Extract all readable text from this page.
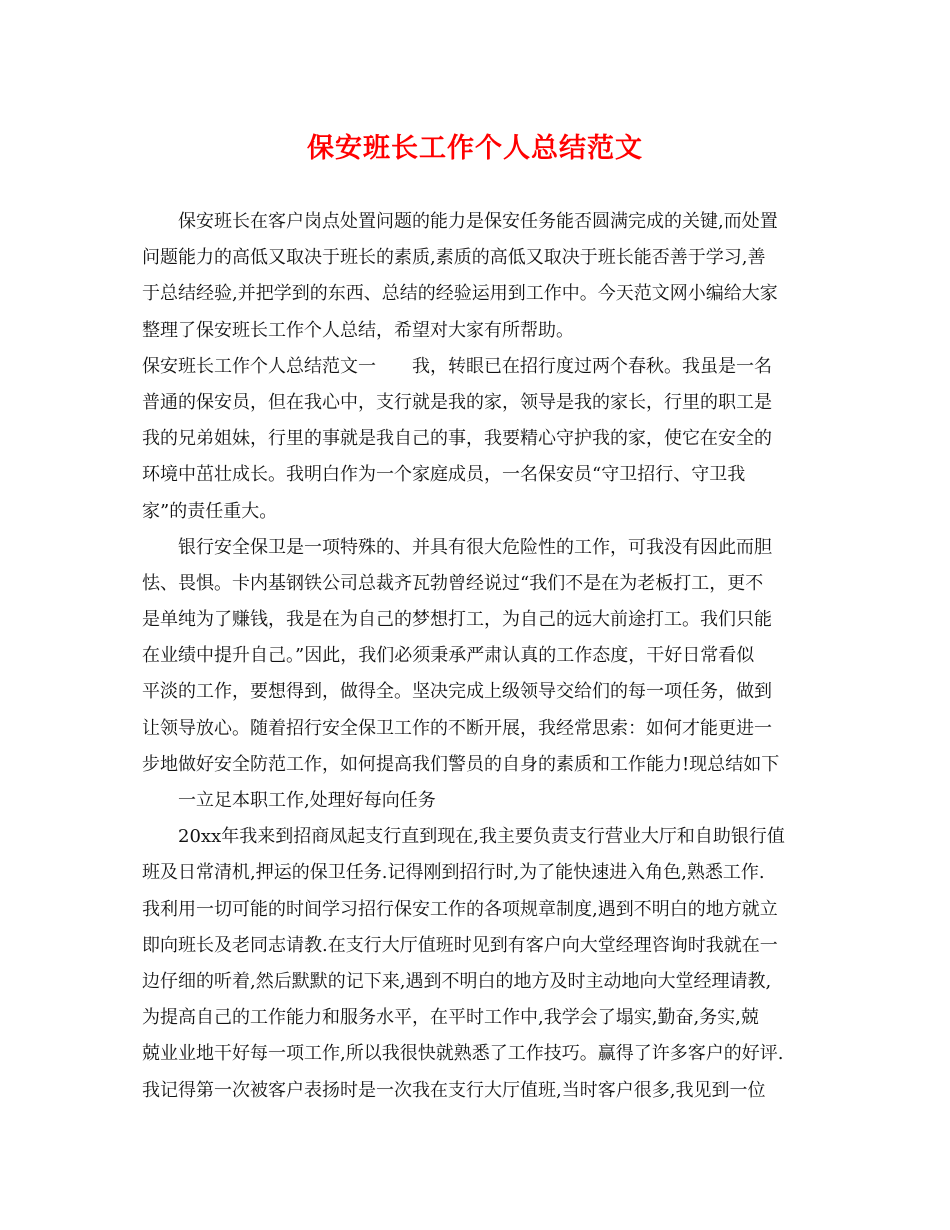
保安班长工作个人总结范文
保安班长在客户岗点处置问题的能力是保安任务能否圆满完成的关键,而处置
问题能力的高低又取决于班长的素质,素质的高低又取决于班长能否善于学习,善
于总结经验,并把学到的东西、总结的经验运用到工作中。今天范文网小编给大家
整理了保安班长工作个人总结，希望对大家有所帮助。
保安班长工作个人总结范文一　　我，转眼已在招行度过两个春秋。我虽是一名
普通的保安员，但在我心中，支行就是我的家，领导是我的家长，行里的职工是
我的兄弟姐妹，行里的事就是我自己的事，我要精心守护我的家，使它在安全的
环境中茁壮成长。我明白作为一个家庭成员，一名保安员“守卫招行、守卫我
家”的责任重大。
银行安全保卫是一项特殊的、并具有很大危险性的工作，可我没有因此而胆
怯、畏惧。卡内基钢铁公司总裁齐瓦勃曾经说过“我们不是在为老板打工，更不
是单纯为了赚钱，我是在为自己的梦想打工，为自己的远大前途打工。我们只能
在业绩中提升自己。”因此，我们必须秉承严肃认真的工作态度，干好日常看似
平淡的工作，要想得到，做得全。坚决完成上级领导交给们的每一项任务，做到
让领导放心。随着招行安全保卫工作的不断开展，我经常思索：如何才能更进一
步地做好安全防范工作，如何提高我们警员的自身的素质和工作能力!现总结如下
一立足本职工作,处理好每向任务
20xx年我来到招商凤起支行直到现在,我主要负责支行营业大厅和自助银行值
班及日常清机,押运的保卫任务.记得刚到招行时,为了能快速进入角色,熟悉工作.
我利用一切可能的时间学习招行保安工作的各项规章制度,遇到不明白的地方就立
即向班长及老同志请教.在支行大厅值班时见到有客户向大堂经理咨询时我就在一
边仔细的听着,然后默默的记下来,遇到不明白的地方及时主动地向大堂经理请教,
为提高自己的工作能力和服务水平，在平时工作中,我学会了塌实,勤奋,务实,兢
兢业业地干好每一项工作,所以我很快就熟悉了工作技巧。赢得了许多客户的好评.
我记得第一次被客户表扬时是一次我在支行大厅值班,当时客户很多,我见到一位
